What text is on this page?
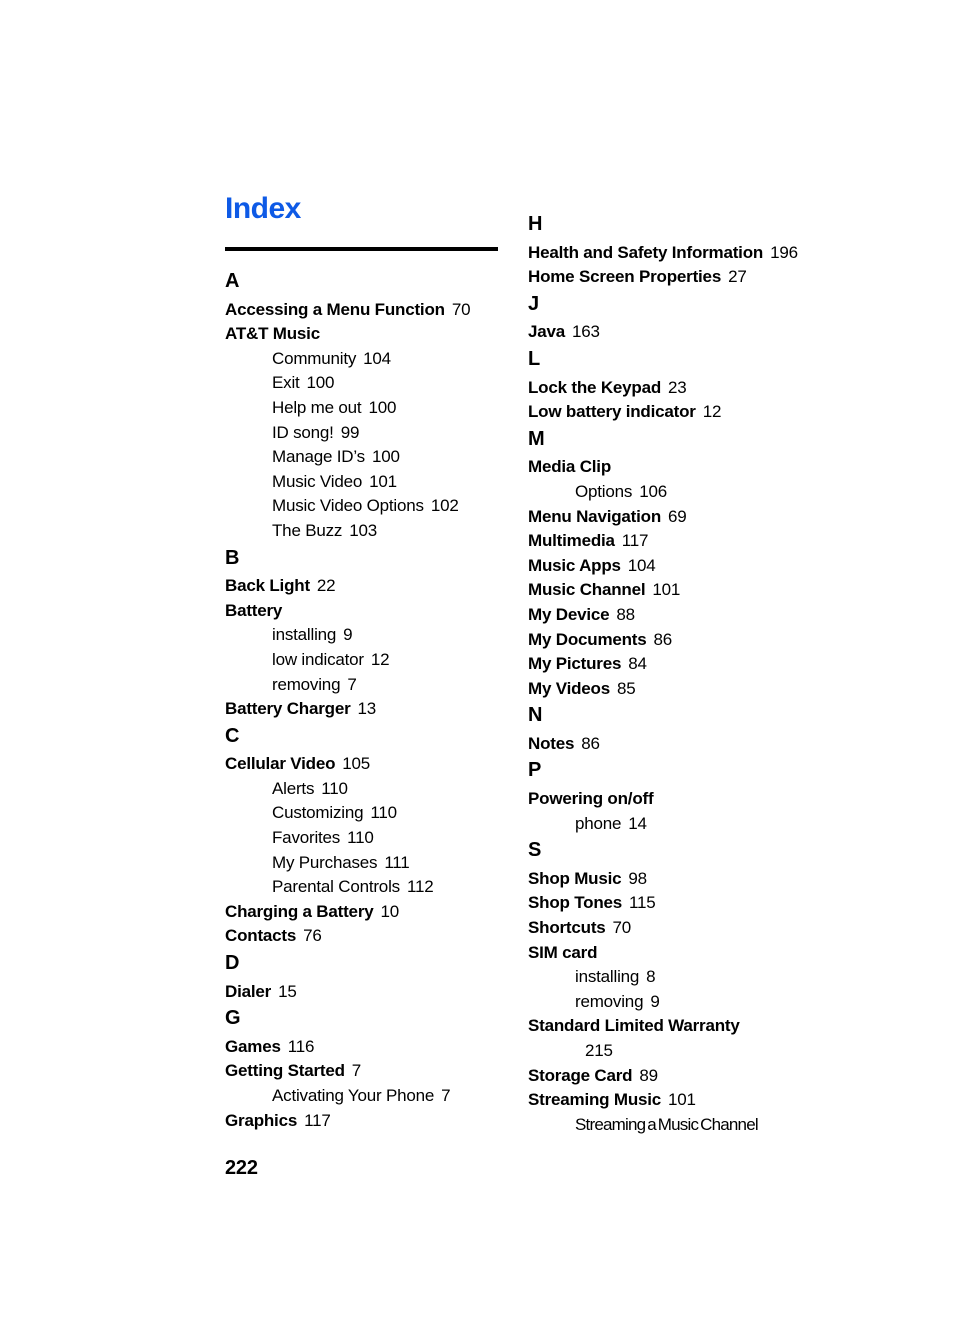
Index
A
Accessing a Menu Function 70
AT&T Music
Community 104
Exit 100
Help me out 100
ID song! 99
Manage ID’s 100
Music Video 101
Music Video Options 102
The Buzz 103
B
Back Light 22
Battery
installing 9
low indicator 12
removing 7
Battery Charger 13
C
Cellular Video 105
Alerts 110
Customizing 110
Favorites 110
My Purchases 111
Parental Controls 112
Charging a Battery 10
Contacts 76
D
Dialer 15
G
Games 116
Getting Started 7
Activating Your Phone 7
Graphics 117
222
H
Health and Safety Information 196
Home Screen Properties 27
J
Java 163
L
Lock the Keypad 23
Low battery indicator 12
M
Media Clip
Options 106
Menu Navigation 69
Multimedia 117
Music Apps 104
Music Channel 101
My Device 88
My Documents 86
My Pictures 84
My Videos 85
N
Notes 86
P
Powering on/off
phone 14
S
Shop Music 98
Shop Tones 115
Shortcuts 70
SIM card
installing 8
removing 9
Standard Limited Warranty
215
Storage Card 89
Streaming Music 101
Streaming a Music Channel
